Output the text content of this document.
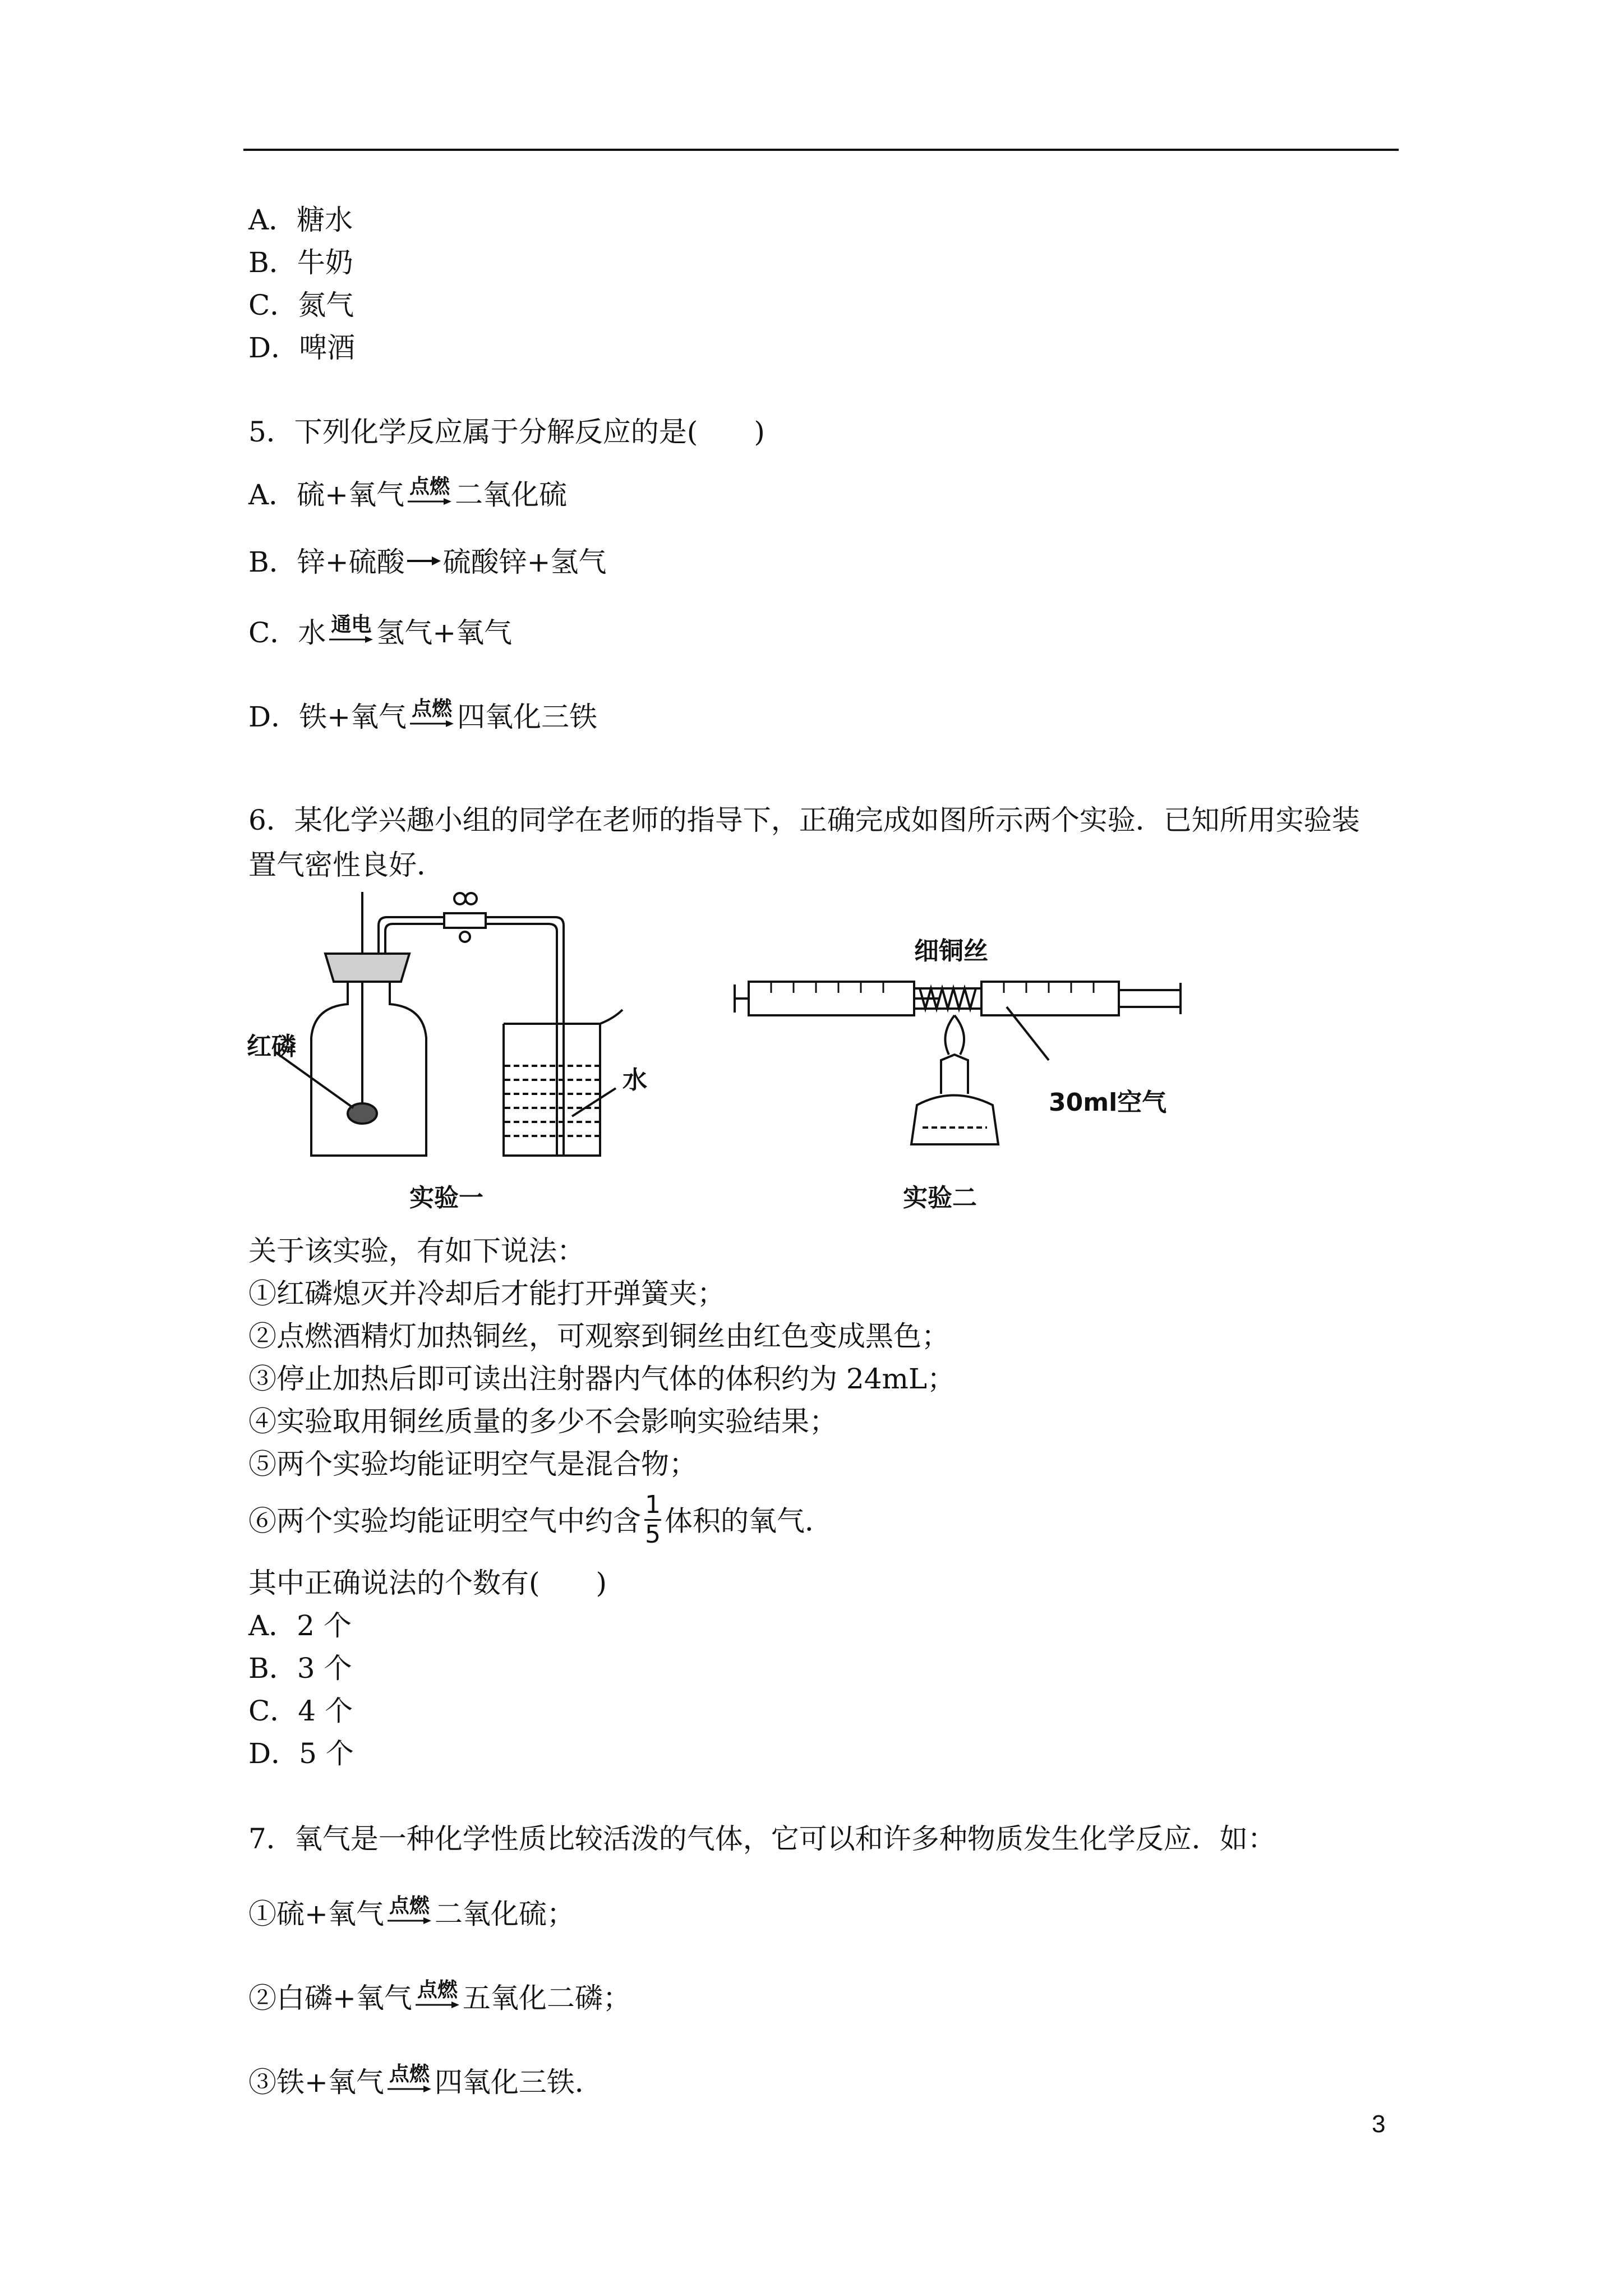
A．糖水
B．牛奶
C．氮气
D．啤酒
5．下列化学反应属于分解反应的是(　　)
A． 硫+氧气 点燃 二氧化硫
B．锌+硫酸 硫酸锌+氢气
C． 水 通电 氢气+氧气
D． 铁+氧气 点燃 四氧化三铁
6．某化学兴趣小组的同学在老师的指导下，正确完成如图所示两个实验．已知所用实验装
置气密性良好．
红磷
水
实验一
细铜丝
30ml空气
实验二
关于该实验，有如下说法：
①红磷熄灭并冷却后才能打开弹簧夹；
②点燃酒精灯加热铜丝，可观察到铜丝由红色变成黑色；
③停止加热后即可读出注射器内气体的体积约为 24mL；
④实验取用铜丝质量的多少不会影响实验结果；
⑤两个实验均能证明空气是混合物；
⑥两个实验均能证明空气中约含 $\frac{1}{5}$ 体积的氧气．
其中正确说法的个数有(　　)
A．2 个
B．3 个
C．4 个
D．5 个
7．氧气是一种化学性质比较活泼的气体，它可以和许多种物质发生化学反应．如：
①硫+氧气 点燃 二氧化硫；
②白磷+氧气 点燃 五氧化二磷；
③铁+氧气 点燃 四氧化三铁．
3
